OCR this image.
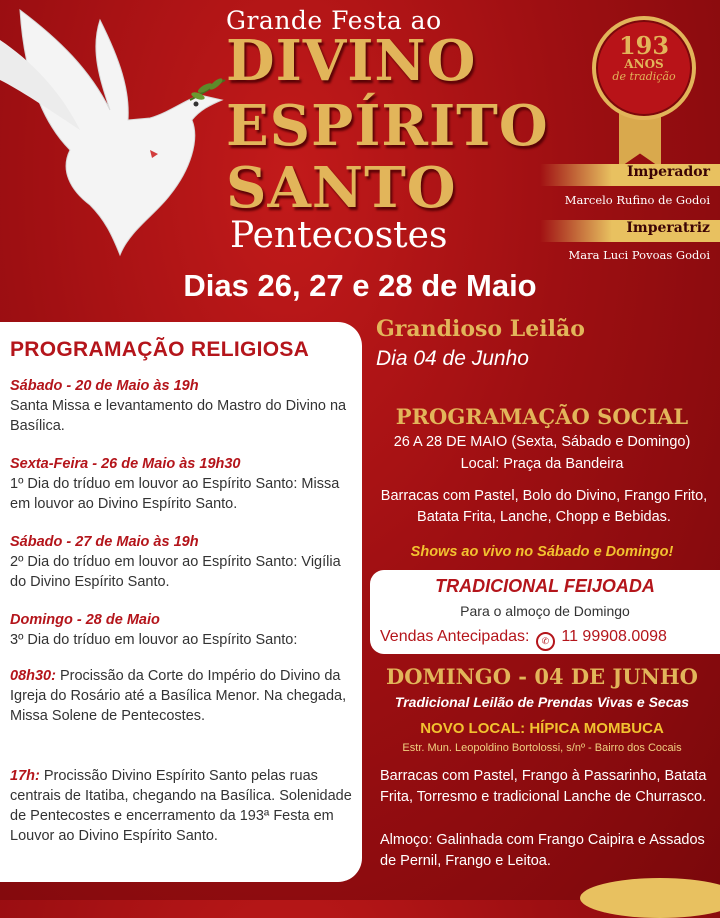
Grande Festa ao
DIVINO
ESPÍRITO
SANTO
Pentecostes
193
ANOS
de tradição
Imperador
Marcelo Rufino de Godoi
Imperatriz
Mara Luci Povoas Godoi
Dias 26, 27 e 28 de Maio
Grandioso Leilão
Dia 04 de Junho
PROGRAMAÇÃO RELIGIOSA
Sábado - 20 de Maio às 19h
Santa Missa e levantamento do Mastro do Divino na Basílica.
Sexta-Feira - 26 de Maio às 19h30
1º Dia do tríduo em louvor ao Espírito Santo: Missa em louvor ao Divino Espírito Santo.
Sábado - 27 de Maio às 19h
2º Dia do tríduo em louvor ao Espírito Santo: Vigília do Divino Espírito Santo.
Domingo - 28 de Maio
3º Dia do tríduo em louvor ao Espírito Santo:
08h30: Procissão da Corte do Império do Divino da Igreja do Rosário até a Basílica Menor. Na chegada, Missa Solene de Pentecostes.
17h: Procissão Divino Espírito Santo pelas ruas centrais de Itatiba, chegando na Basílica. Solenidade de Pentecostes e encerramento da 193ª Festa em Louvor ao Divino Espírito Santo.
PROGRAMAÇÃO SOCIAL
26 A 28 DE MAIO (Sexta, Sábado e Domingo)
Local: Praça da Bandeira
Barracas com Pastel, Bolo do Divino, Frango Frito, Batata Frita, Lanche, Chopp e Bebidas.
Shows ao vivo no Sábado e Domingo!
TRADICIONAL FEIJOADA
Para o almoço de Domingo
Vendas Antecipadas: ✆ 11 99908.0098
DOMINGO - 04 DE JUNHO
Tradicional Leilão de Prendas Vivas e Secas
NOVO LOCAL: HÍPICA MOMBUCA
Estr. Mun. Leopoldino Bortolossi, s/nº - Bairro dos Cocais
Barracas com Pastel, Frango à Passarinho, Batata Frita, Torresmo e tradicional Lanche de Churrasco.
Almoço: Galinhada com Frango Caipira e Assados de Pernil, Frango e Leitoa.
